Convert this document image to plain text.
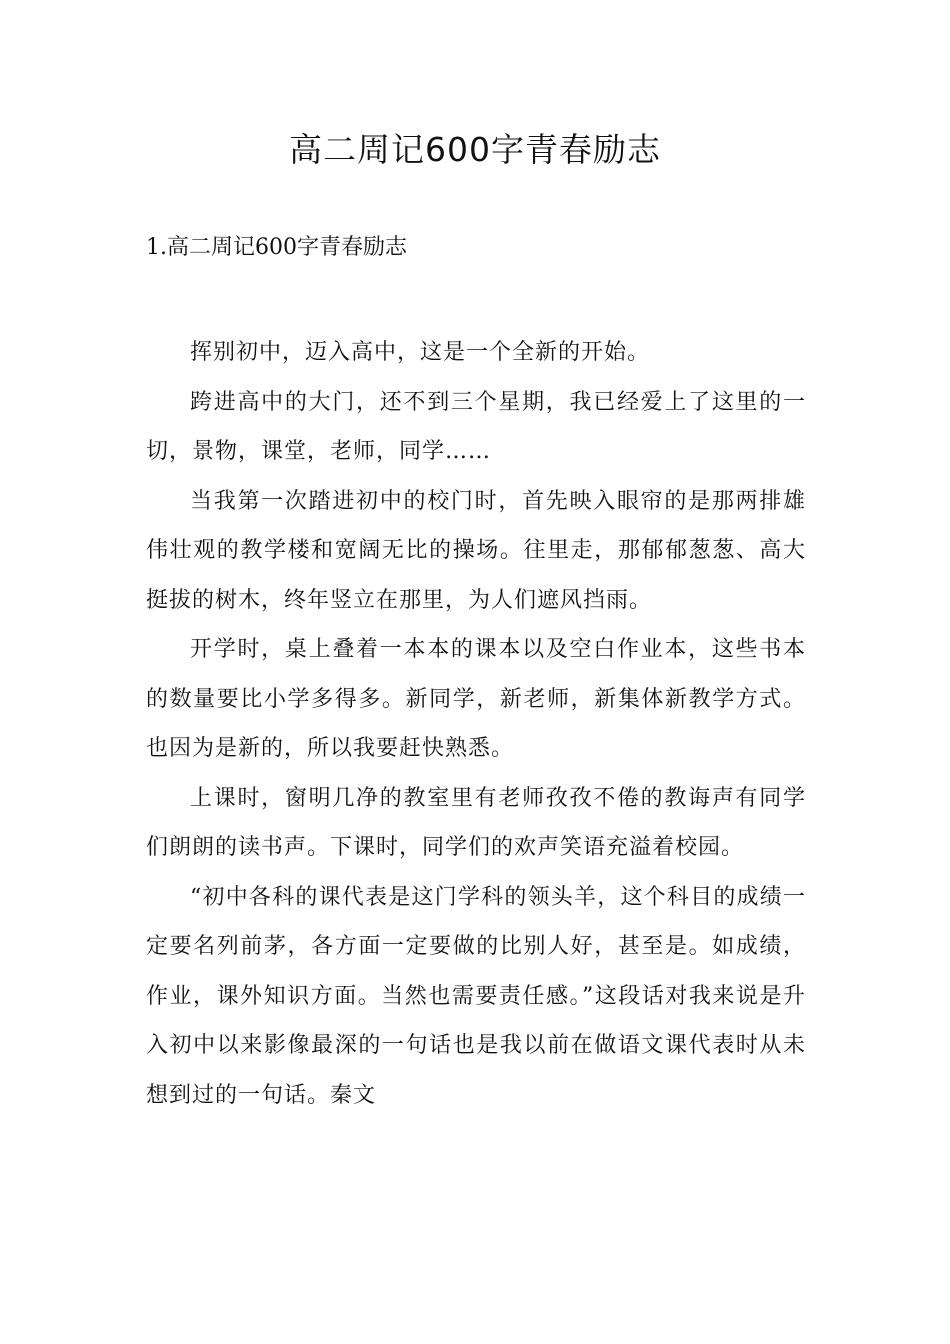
高二周记600字青春励志
1.高二周记600字青春励志

挥别初中，迈入高中，这是一个全新的开始。

跨进高中的大门，还不到三个星期，我已经爱上了这里的一切，景物，课堂，老师，同学……

当我第一次踏进初中的校门时，首先映入眼帘的是那两排雄伟壮观的教学楼和宽阔无比的操场。往里走，那郁郁葱葱、高大挺拔的树木，终年竖立在那里，为人们遮风挡雨。

开学时，桌上叠着一本本的课本以及空白作业本，这些书本的数量要比小学多得多。新同学，新老师，新集体新教学方式。也因为是新的，所以我要赶快熟悉。

上课时，窗明几净的教室里有老师孜孜不倦的教诲声有同学们朗朗的读书声。下课时，同学们的欢声笑语充溢着校园。

“初中各科的课代表是这门学科的领头羊，这个科目的成绩一定要名列前茅，各方面一定要做的比别人好，甚至是。如成绩，作业，课外知识方面。当然也需要责任感。”这段话对我来说是升入初中以来影像最深的一句话也是我以前在做语文课代表时从未想到过的一句话。秦文
